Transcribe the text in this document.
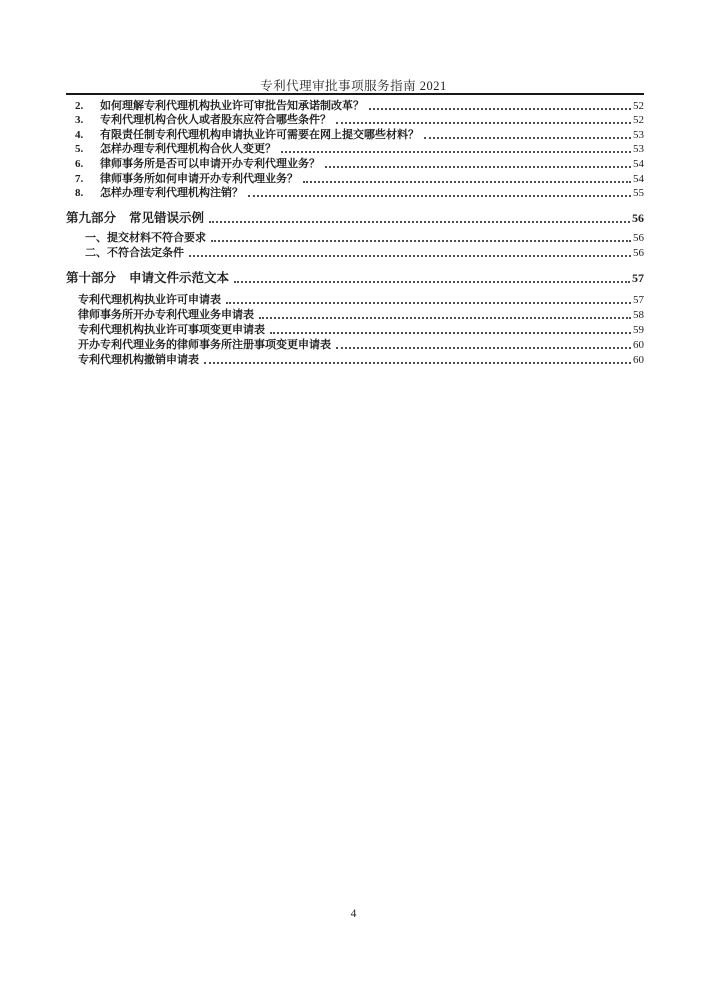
专利代理审批事项服务指南 2021
2.	如何理解专利代理机构执业许可审批告知承诺制改革？	52
3.	专利代理机构合伙人或者股东应符合哪些条件？	52
4.	有限责任制专利代理机构申请执业许可需要在网上提交哪些材料？	53
5.	怎样办理专利代理机构合伙人变更？	53
6.	律师事务所是否可以申请开办专利代理业务？	54
7.	律师事务所如何申请开办专利代理业务？	54
8.	怎样办理专利代理机构注销？	55
第九部分 常见错误示例	56
一、提交材料不符合要求	56
二、不符合法定条件	56
第十部分 申请文件示范文本	57
专利代理机构执业许可申请表	57
律师事务所开办专利代理业务申请表	58
专利代理机构执业许可事项变更申请表	59
开办专利代理业务的律师事务所注册事项变更申请表	60
专利代理机构撤销申请表	60
4
